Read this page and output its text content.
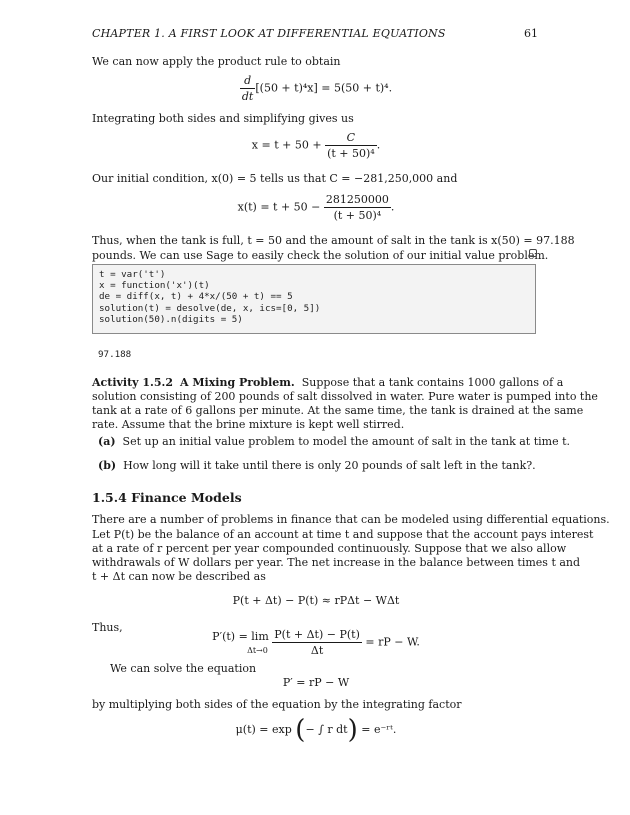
CHAPTER 1. A FIRST LOOK AT DIFFERENTIAL EQUATIONS	61
We can now apply the product rule to obtain
$\frac{d}{dt} [(50 + t)^4x] = 5(50 + t)^4$.
Integrating both sides and simplifying gives us
$x = t + 50 + \frac{C}{\text{(t + 50)⁴}}$ .
Our initial condition, x(0) = 5 tells us that C = −281,250,000 and
$x(t) = t + 50 - \frac{281250000}{\text{(t + 50)⁴}}$ .
Thus, when the tank is full, t = 50 and the amount of salt in the tank is x(50) = 97.188
pounds. We can use Sage to easily check the solution of our initial value problem.
t = var('t')
x = function('x')(t)
de = diff(x, t) + 4*x/(50 + t) == 5
solution(t) = desolve(de, x, ics=[0, 5])
solution(50).n(digits = 5)
97.188
Activity 1.5.2 A Mixing Problem. Suppose that a tank contains 1000 gallons of a
solution consisting of 200 pounds of salt dissolved in water. Pure water is pumped into the
tank at a rate of 6 gallons per minute. At the same time, the tank is drained at the same
rate. Assume that the brine mixture is kept well stirred.
(a) Set up an initial value problem to model the amount of salt in the tank at time t.
(b) How long will it take until there is only 20 pounds of salt left in the tank?.
1.5.4 Finance Models
There are a number of problems in finance that can be modeled using differential equations.
Let P(t) be the balance of an account at time t and suppose that the account pays interest
at a rate of r percent per year compounded continuously. Suppose that we also allow
withdrawals of W dollars per year. The net increase in the balance between times t and
t + Δt can now be described as
P(t + Δt) − P(t) ≈ rPΔt − WΔt
Thus,
P′(t) = lim
$\Delta t\to 0 \frac{P(t + \Delta t) - P(t)}{\Delta t}$ = rP − W.
We can solve the equation
P′ = rP − W
by multiplying both sides of the equation by the integrating factor
μ(t) = exp (− ∫ r dt) = e⁻ʳᵗ.
